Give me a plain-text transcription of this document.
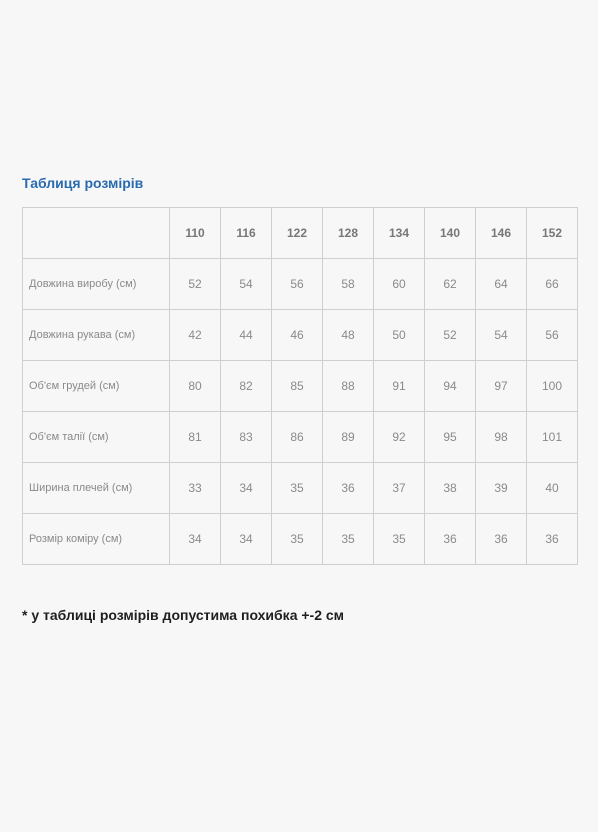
Таблиця розмірів
	110	116	122	128	134	140	146	152
Довжина виробу (см)	52	54	56	58	60	62	64	66
Довжина рукава (см)	42	44	46	48	50	52	54	56
Об'єм грудей (см)	80	82	85	88	91	94	97	100
Об'єм талії (см)	81	83	86	89	92	95	98	101
Ширина плечей (см)	33	34	35	36	37	38	39	40
Розмір коміру (см)	34	34	35	35	35	36	36	36

* у таблиці розмірів допустима похибка +-2 см
